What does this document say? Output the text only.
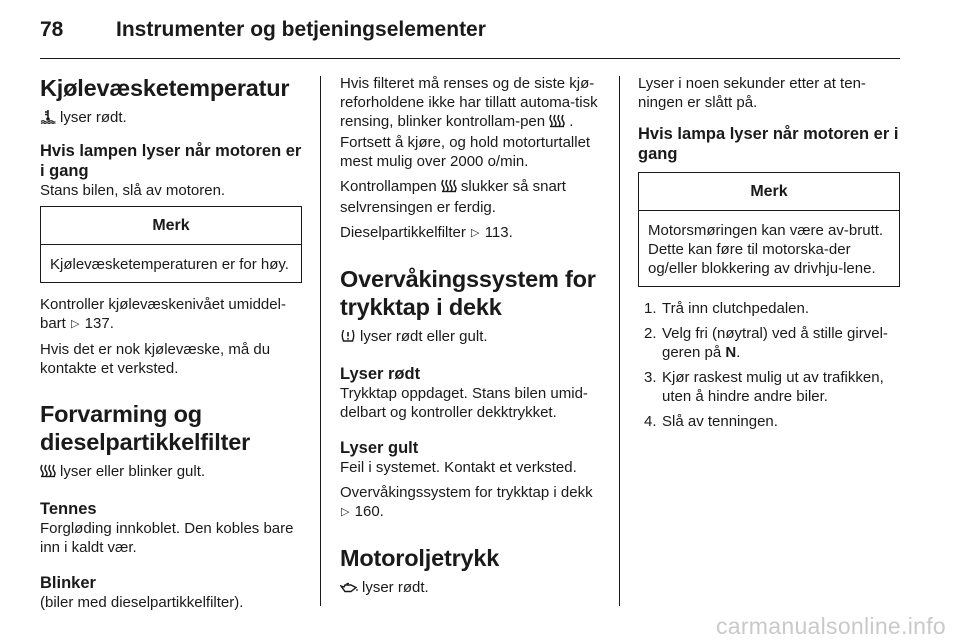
78	Instrumenter og betjeningselementer
Kjølevæsketemperatur

lyser rødt.

Hvis lampen lyser når motoren er i gang

Stans bilen, slå av motoren.

Merk
Kjølevæsketemperaturen er for høy.

Kontroller kjølevæskenivået umiddel-bart ▷ 137.

Hvis det er nok kjølevæske, må du kontakte et verksted.

Forvarming og dieselpartikkelfilter

lyser eller blinker gult.

Tennes

Forgløding innkoblet. Den kobles bare inn i kaldt vær.

Blinker

(biler med dieselpartikkelfilter).

Hvis filteret må renses og de siste kjø-reforholdene ikke har tillatt automa-tisk rensing, blinker kontrollam-pen . Fortsett å kjøre, og hold motorturtallet mest mulig over 2000 o/min.

Kontrollampen slukker så snart selvrensingen er ferdig.

Dieselpartikkelfilter ▷ 113.

Overvåkingssystem for trykktap i dekk

lyser rødt eller gult.

Lyser rødt

Trykktap oppdaget. Stans bilen umid-delbart og kontroller dekktrykket.

Lyser gult

Feil i systemet. Kontakt et verksted.

Overvåkingssystem for trykktap i dekk ▷ 160.

Motoroljetrykk

lyser rødt.

Lyser i noen sekunder etter at ten-ningen er slått på.

Hvis lampa lyser når motoren er i gang
Merk
Motorsmøringen kan være av-brutt. Dette kan føre til motorska-der og/eller blokkering av drivhju-lene.
1. Trå inn clutchpedalen.
2. Velg fri (nøytral) ved å stille girvel-geren på N.
3. Kjør raskest mulig ut av trafikken, uten å hindre andre biler.
4. Slå av tenningen.
carmanualsonline.info
